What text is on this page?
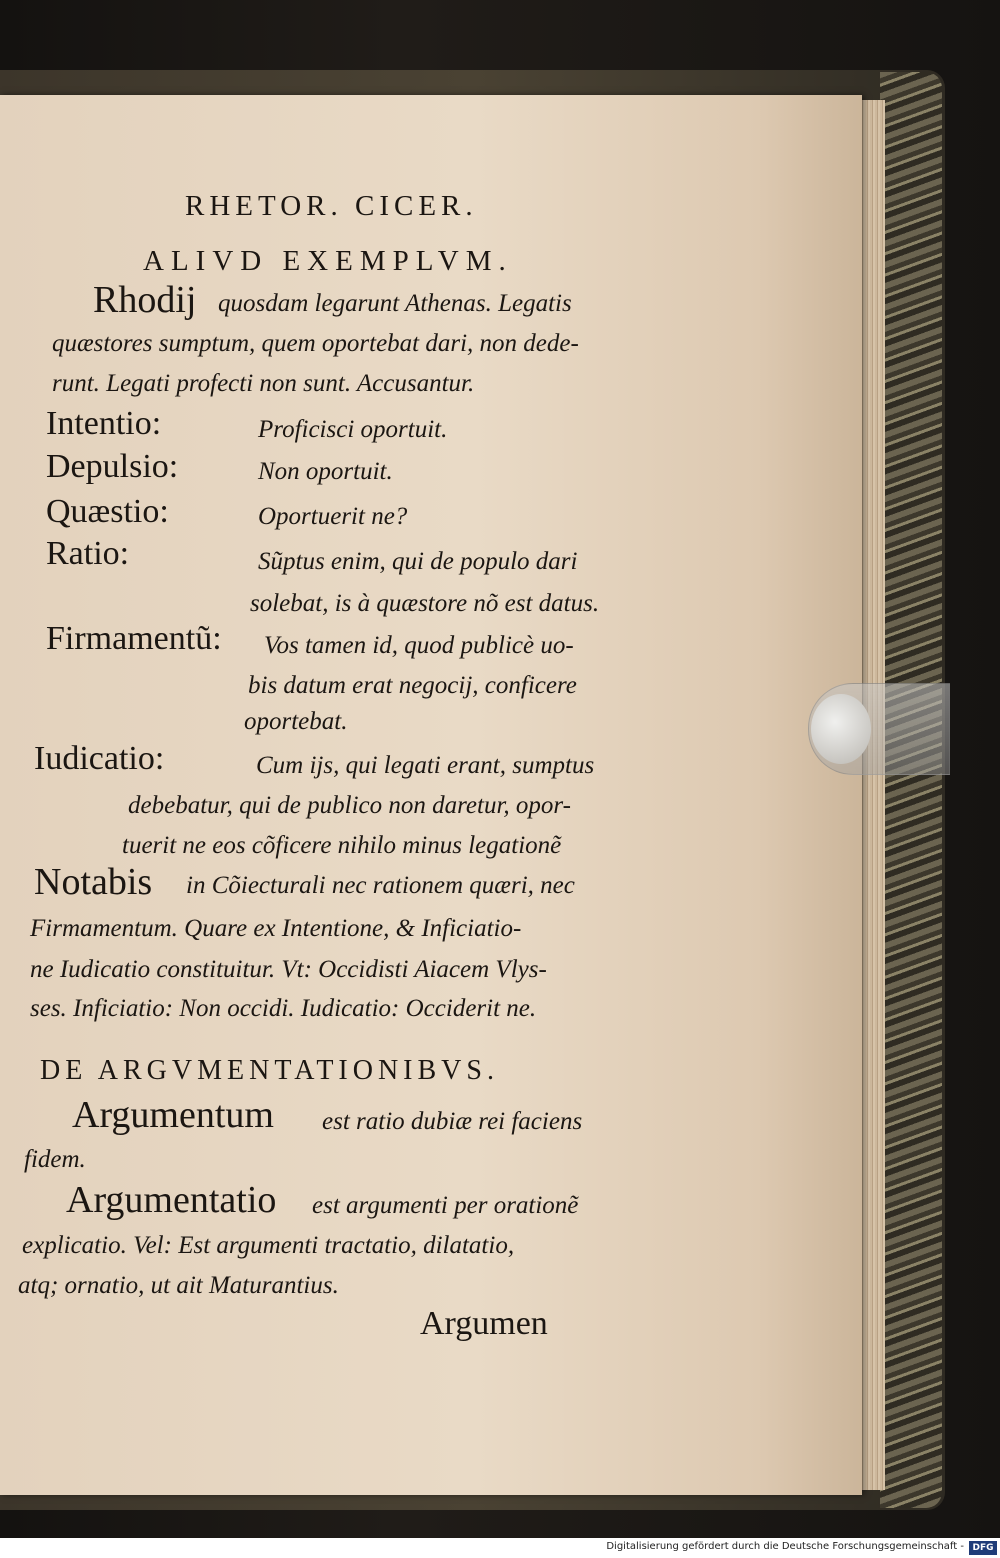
RHETOR. CICER.
ALIVD EXEMPLVM.
Rhodij quosdam legarunt Athenas. Legatis
quæstores sumptum, quem oportebat dari, non dede-
runt. Legati profecti non sunt. Accusantur.
Intentio:	Proficisci oportuit.
Depulsio:	Non oportuit.
Quæstio:	Oportuerit ne?
Ratio:	Sũptus enim, qui de populo dari
solebat, is à quæstore nõ est datus.
Firmamentũ: Vos tamen id, quod publicè uo-
bis datum erat negocij, conficere
oportebat.
Iudicatio:	Cum ijs, qui legati erant, sumptus
debebatur, qui de publico non daretur, opor-
tuerit ne eos cõficere nihilo minus legationẽ
Notabis in Cõiecturali nec rationem quæri, nec
Firmamentum. Quare ex Intentione, & Inficiatio-
ne Iudicatio constituitur. Vt: Occidisti Aiacem Vlys-
ses. Inficiatio: Non occidi. Iudicatio: Occiderit ne.
DE ARGVMENTATIONIBVS.
Argumentum est ratio dubiæ rei faciens
fidem.
Argumentatio est argumenti per orationẽ
explicatio. Vel: Est argumenti tractatio, dilatatio,
atq; ornatio, ut ait Maturantius.
Argumen
Digitalisierung gefördert durch die Deutsche Forschungsgemeinschaft - DFG
